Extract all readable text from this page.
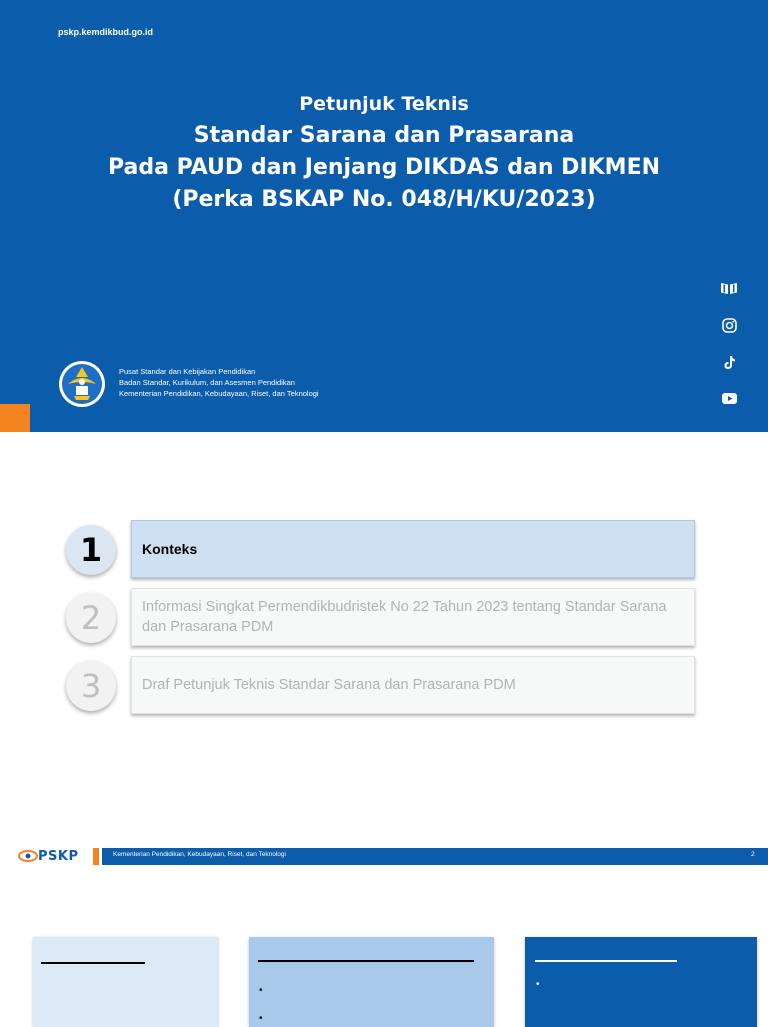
pskp.kemdikbud.go.id
Petunjuk Teknis
Standar Sarana dan Prasarana
Pada PAUD dan Jenjang DIKDAS dan DIKMEN
(Perka BSKAP No. 048/H/KU/2023)
Pusat Standar dan Kebijakan Pendidikan
Badan Standar, Kurikulum, dan Asesmen Pendidikan
Kementerian Pendidikan, Kebudayaan, Riset, dan Teknologi
1	Konteks
2	Informasi Singkat Permendikbudristek No 22 Tahun 2023 tentang Standar Sarana dan Prasarana PDM
3	Draf Petunjuk Teknis Standar Sarana dan Prasarana PDM
PSKP	Kementerian Pendidikan, Kebudayaan, Riset, dan Teknologi	2
•
•
•
